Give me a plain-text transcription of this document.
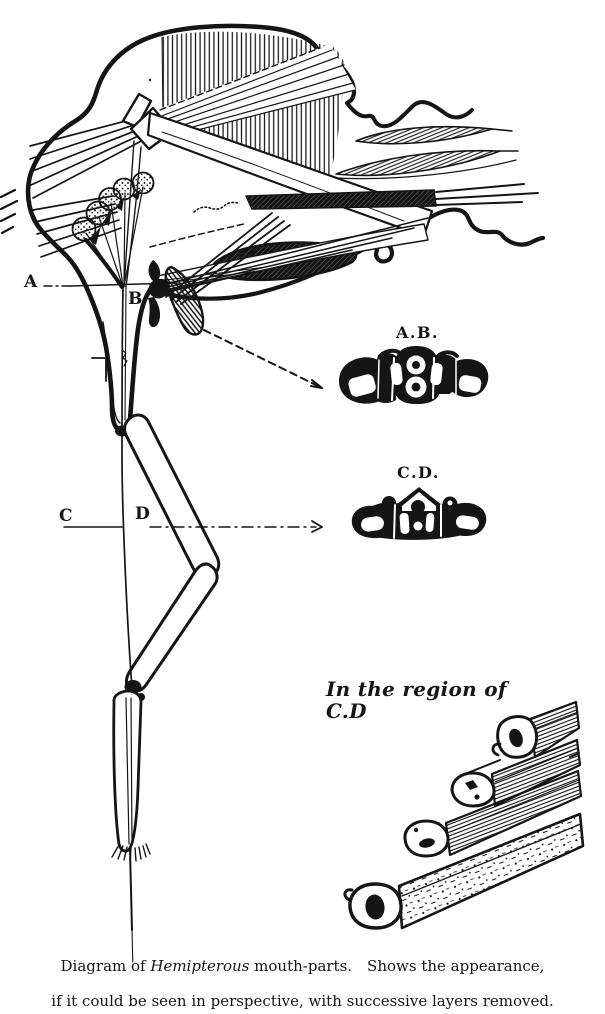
A
B
C	D
A.B.
C.D.
In the region of C.D
Diagram of Hemipterous mouth-parts.  Shows the appearance,

if it could be seen in perspective, with successive layers removed.
